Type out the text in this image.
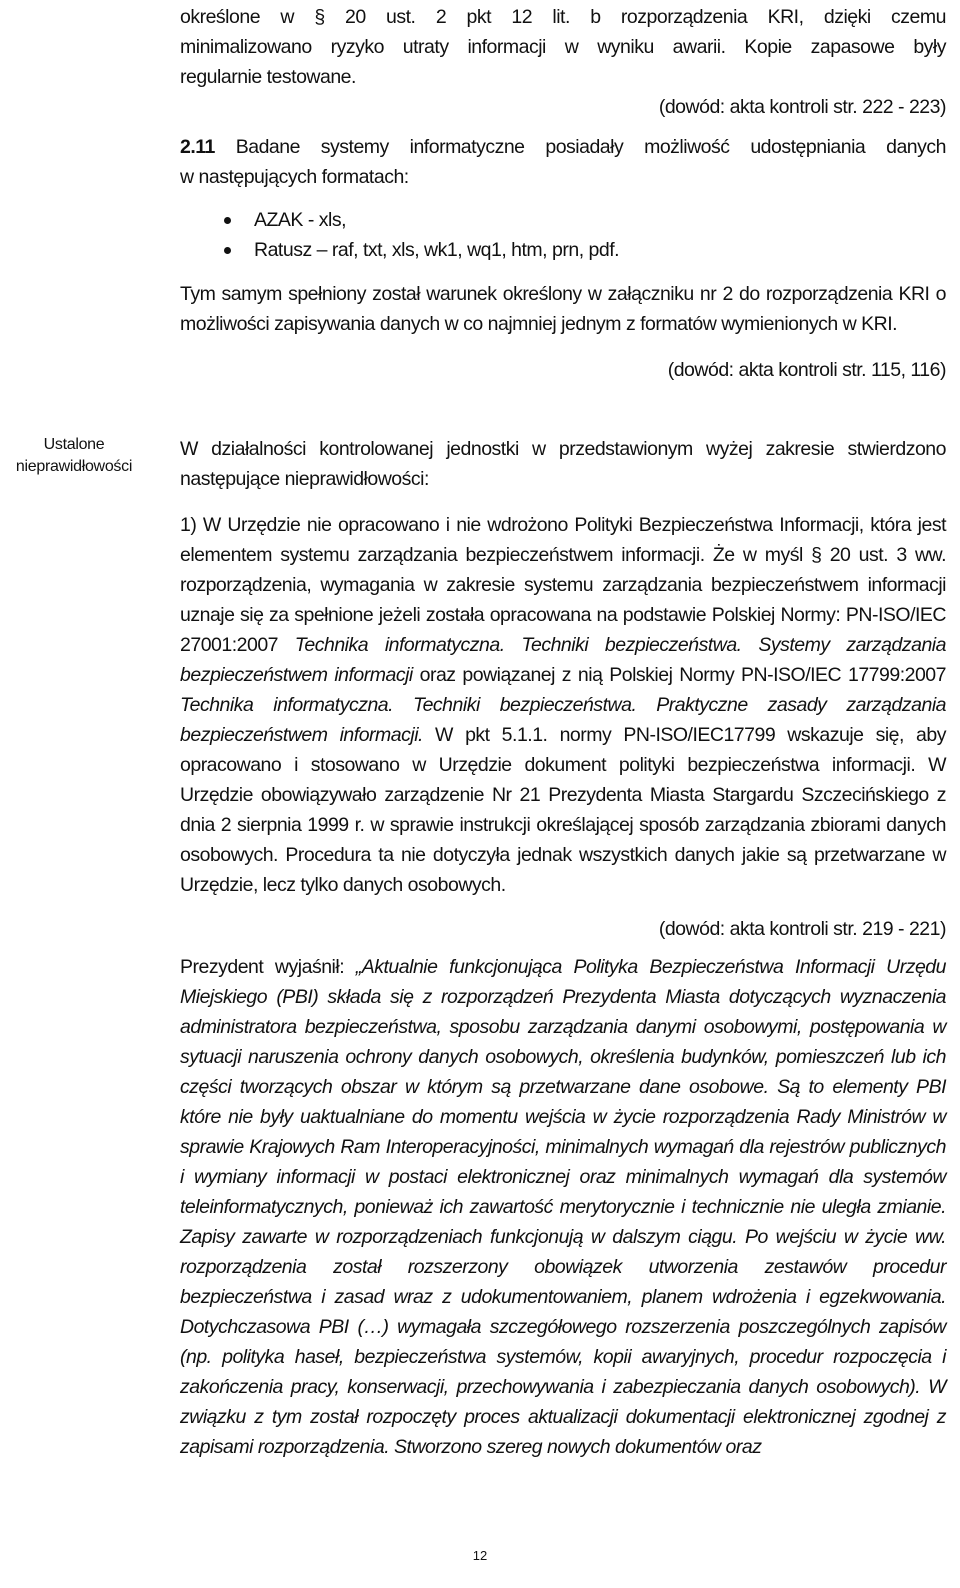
określone w § 20 ust. 2 pkt 12 lit. b rozporządzenia KRI, dzięki czemu

minimalizowano ryzyko utraty informacji w wyniku awarii. Kopie zapasowe były

regularnie testowane.

(dowód: akta kontroli str. 222 - 223)

2.11 Badane systemy informatyczne posiadały możliwość udostępniania danych

w następujących formatach:

AZAK - xls,
Ratusz – raf, txt, xls, wk1, wq1, htm, prn, pdf.

Tym samym spełniony został warunek określony w załączniku nr 2 do rozporządzenia KRI o możliwości zapisywania danych w co najmniej jednym z formatów wymienionych w KRI.

(dowód: akta kontroli str. 115, 116)

Ustalone
nieprawidłowości

W działalności kontrolowanej jednostki w przedstawionym wyżej zakresie stwierdzono następujące nieprawidłowości:

1) W Urzędzie nie opracowano i nie wdrożono Polityki Bezpieczeństwa Informacji, która jest elementem systemu zarządzania bezpieczeństwem informacji. Że w myśl § 20 ust. 3 ww. rozporządzenia, wymagania w zakresie systemu zarządzania bezpieczeństwem informacji uznaje się za spełnione jeżeli została opracowana na podstawie Polskiej Normy: PN-ISO/IEC 27001:2007 Technika informatyczna. Techniki bezpieczeństwa. Systemy zarządzania bezpieczeństwem informacji oraz powiązanej z nią Polskiej Normy PN-ISO/IEC 17799:2007 Technika informatyczna. Techniki bezpieczeństwa. Praktyczne zasady zarządzania bezpieczeństwem informacji. W pkt 5.1.1. normy PN-ISO/IEC17799 wskazuje się, aby opracowano i stosowano w Urzędzie dokument polityki bezpieczeństwa informacji. W Urzędzie obowiązywało zarządzenie Nr 21 Prezydenta Miasta Stargardu Szczecińskiego z dnia 2 sierpnia 1999 r. w sprawie instrukcji określającej sposób zarządzania zbiorami danych osobowych. Procedura ta nie dotyczyła jednak wszystkich danych jakie są przetwarzane w Urzędzie, lecz tylko danych osobowych.

(dowód: akta kontroli str. 219 - 221)

Prezydent wyjaśnił: „Aktualnie funkcjonująca Polityka Bezpieczeństwa Informacji Urzędu Miejskiego (PBI) składa się z rozporządzeń Prezydenta Miasta dotyczących wyznaczenia administratora bezpieczeństwa, sposobu zarządzania danymi osobowymi, postępowania w sytuacji naruszenia ochrony danych osobowych, określenia budynków, pomieszczeń lub ich części tworzących obszar w którym są przetwarzane dane osobowe. Są to elementy PBI które nie były uaktualniane do momentu wejścia w życie rozporządzenia Rady Ministrów w sprawie Krajowych Ram Interoperacyjności, minimalnych wymagań dla rejestrów publicznych i wymiany informacji w postaci elektronicznej oraz minimalnych wymagań dla systemów teleinformatycznych, ponieważ ich zawartość merytorycznie i technicznie nie uległa zmianie. Zapisy zawarte w rozporządzeniach funkcjonują w dalszym ciągu. Po wejściu w życie ww. rozporządzenia został rozszerzony obowiązek utworzenia zestawów procedur bezpieczeństwa i zasad wraz z udokumentowaniem, planem wdrożenia i egzekwowania. Dotychczasowa PBI (…) wymagała szczegółowego rozszerzenia poszczególnych zapisów (np. polityka haseł, bezpieczeństwa systemów, kopii awaryjnych, procedur rozpoczęcia i zakończenia pracy, konserwacji, przechowywania i zabezpieczania danych osobowych). W związku z tym został rozpoczęty proces aktualizacji dokumentacji elektronicznej zgodnej z zapisami rozporządzenia. Stworzono szereg nowych dokumentów oraz

12
